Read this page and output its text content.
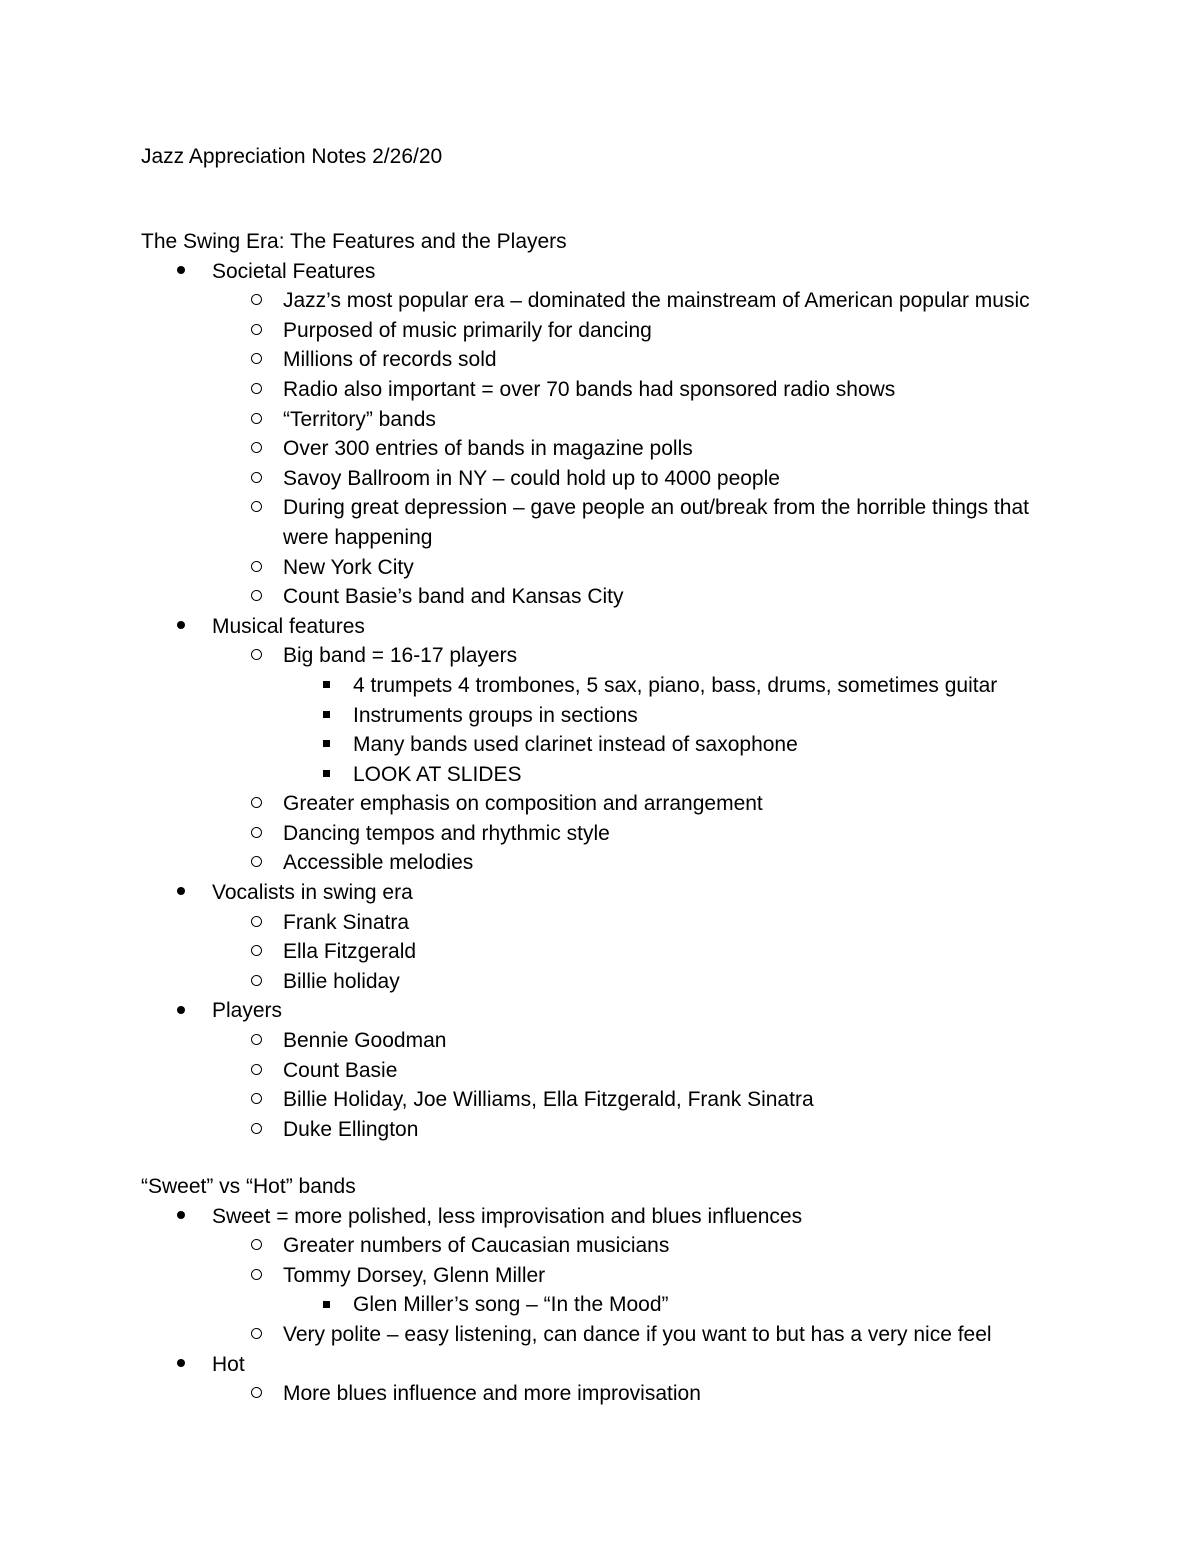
Jazz Appreciation Notes 2/26/20
The Swing Era: The Features and the Players
Societal Features
Jazz’s most popular era – dominated the mainstream of American popular music
Purposed of music primarily for dancing
Millions of records sold
Radio also important = over 70 bands had sponsored radio shows
“Territory” bands
Over 300 entries of bands in magazine polls
Savoy Ballroom in NY – could hold up to 4000 people
During great depression – gave people an out/break from the horrible things that were happening
New York City
Count Basie’s band and Kansas City
Musical features
Big band = 16-17 players
4 trumpets 4 trombones, 5 sax, piano, bass, drums, sometimes guitar
Instruments groups in sections
Many bands used clarinet instead of saxophone
LOOK AT SLIDES
Greater emphasis on composition and arrangement
Dancing tempos and rhythmic style
Accessible melodies
Vocalists in swing era
Frank Sinatra
Ella Fitzgerald
Billie holiday
Players
Bennie Goodman
Count Basie
Billie Holiday, Joe Williams, Ella Fitzgerald, Frank Sinatra
Duke Ellington
“Sweet” vs “Hot” bands
Sweet = more polished, less improvisation and blues influences
Greater numbers of Caucasian musicians
Tommy Dorsey, Glenn Miller
Glen Miller’s song – “In the Mood”
Very polite – easy listening, can dance if you want to but has a very nice feel
Hot
More blues influence and more improvisation
